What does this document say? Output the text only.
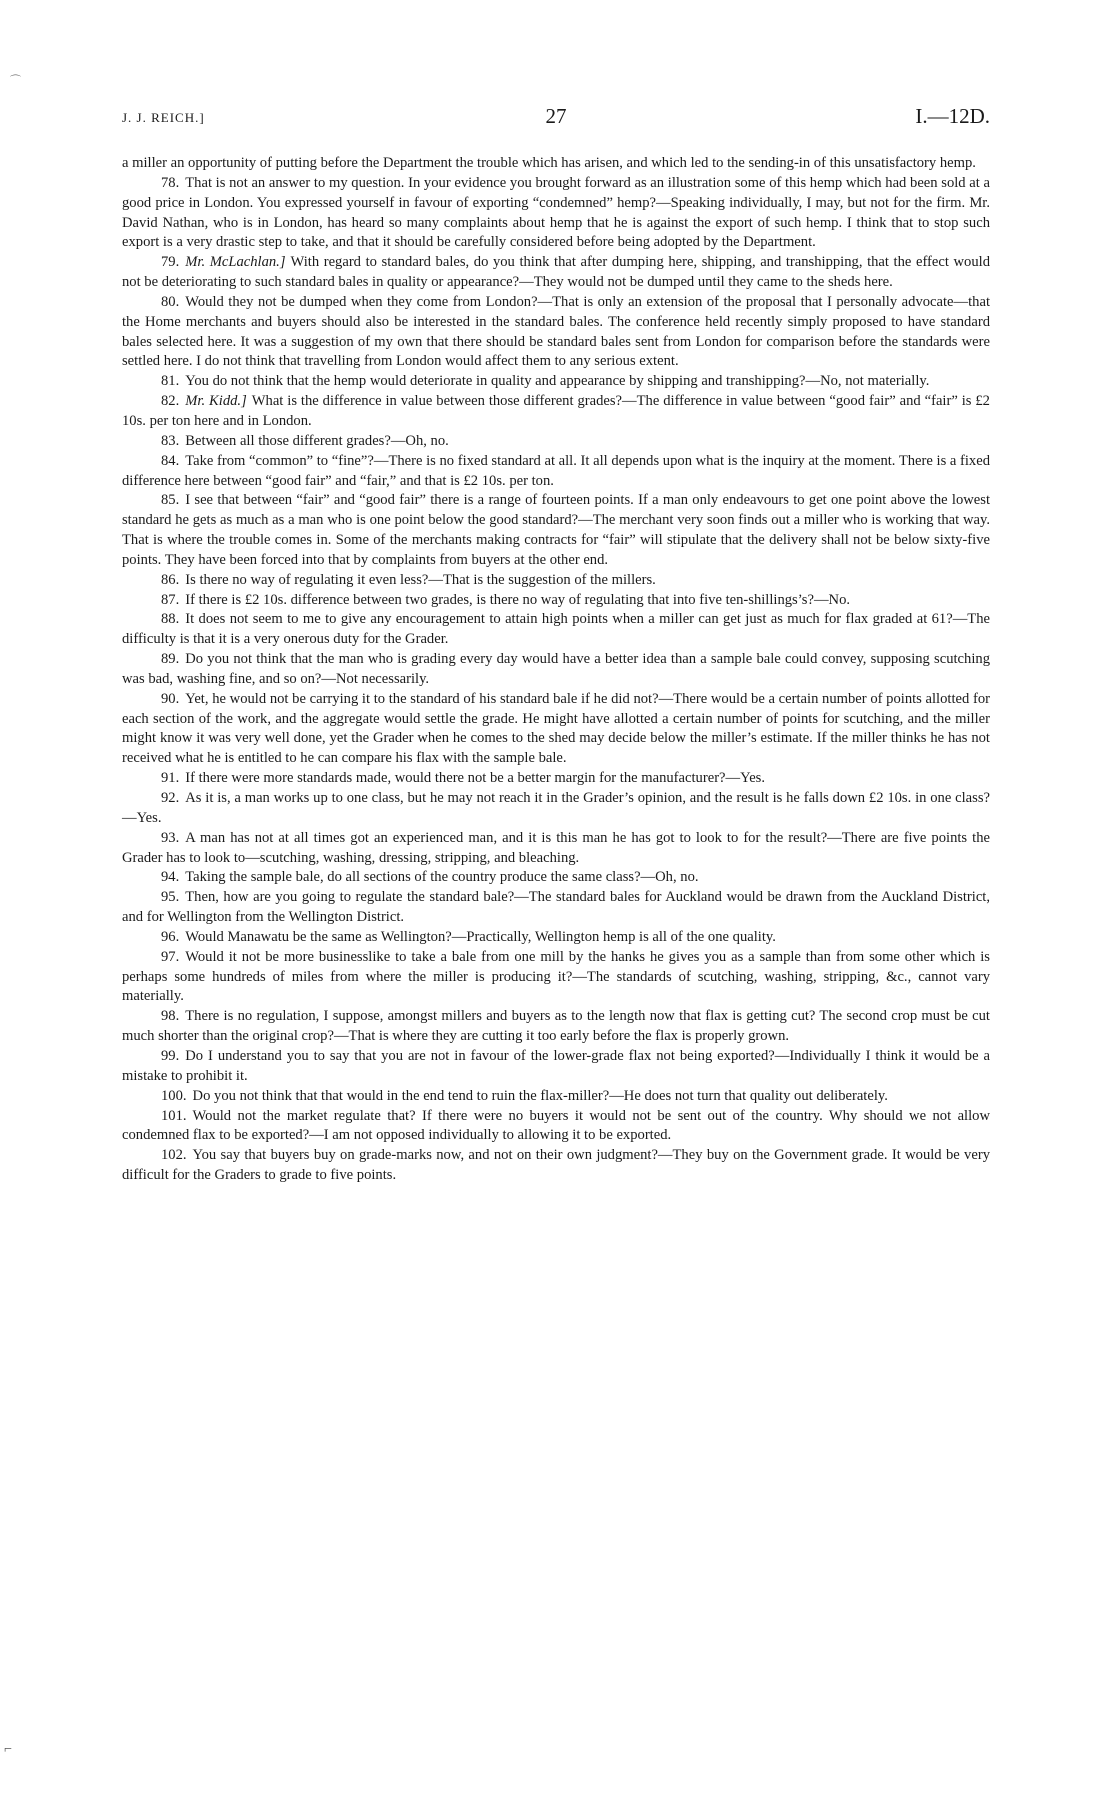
⌒
⌐
J. J. REICH.]	27	I.—12D.

a miller an opportunity of putting before the Department the trouble which has arisen, and which led to the sending-in of this unsatisfactory hemp.

78. That is not an answer to my question. In your evidence you brought forward as an illustration some of this hemp which had been sold at a good price in London. You expressed yourself in favour of exporting “condemned” hemp?—Speaking individually, I may, but not for the firm. Mr. David Nathan, who is in London, has heard so many complaints about hemp that he is against the export of such hemp. I think that to stop such export is a very drastic step to take, and that it should be carefully considered before being adopted by the Department.

79. Mr. McLachlan.] With regard to standard bales, do you think that after dumping here, shipping, and transhipping, that the effect would not be deteriorating to such standard bales in quality or appearance?—They would not be dumped until they came to the sheds here.

80. Would they not be dumped when they come from London?—That is only an extension of the proposal that I personally advocate—that the Home merchants and buyers should also be interested in the standard bales. The conference held recently simply proposed to have standard bales selected here. It was a suggestion of my own that there should be standard bales sent from London for comparison before the standards were settled here. I do not think that travelling from London would affect them to any serious extent.

81. You do not think that the hemp would deteriorate in quality and appearance by shipping and transhipping?—No, not materially.

82. Mr. Kidd.] What is the difference in value between those different grades?—The difference in value between “good fair” and “fair” is £2 10s. per ton here and in London.

83. Between all those different grades?—Oh, no.

84. Take from “common” to “fine”?—There is no fixed standard at all. It all depends upon what is the inquiry at the moment. There is a fixed difference here between “good fair” and “fair,” and that is £2 10s. per ton.

85. I see that between “fair” and “good fair” there is a range of fourteen points. If a man only endeavours to get one point above the lowest standard he gets as much as a man who is one point below the good standard?—The merchant very soon finds out a miller who is working that way. That is where the trouble comes in. Some of the merchants making contracts for “fair” will stipulate that the delivery shall not be below sixty-five points. They have been forced into that by complaints from buyers at the other end.

86. Is there no way of regulating it even less?—That is the suggestion of the millers.

87. If there is £2 10s. difference between two grades, is there no way of regulating that into five ten-shillings’s?—No.

88. It does not seem to me to give any encouragement to attain high points when a miller can get just as much for flax graded at 61?—The difficulty is that it is a very onerous duty for the Grader.

89. Do you not think that the man who is grading every day would have a better idea than a sample bale could convey, supposing scutching was bad, washing fine, and so on?—Not necessarily.

90. Yet, he would not be carrying it to the standard of his standard bale if he did not?—There would be a certain number of points allotted for each section of the work, and the aggregate would settle the grade. He might have allotted a certain number of points for scutching, and the miller might know it was very well done, yet the Grader when he comes to the shed may decide below the miller’s estimate. If the miller thinks he has not received what he is entitled to he can compare his flax with the sample bale.

91. If there were more standards made, would there not be a better margin for the manufacturer?—Yes.

92. As it is, a man works up to one class, but he may not reach it in the Grader’s opinion, and the result is he falls down £2 10s. in one class?—Yes.

93. A man has not at all times got an experienced man, and it is this man he has got to look to for the result?—There are five points the Grader has to look to—scutching, washing, dressing, stripping, and bleaching.

94. Taking the sample bale, do all sections of the country produce the same class?—Oh, no.

95. Then, how are you going to regulate the standard bale?—The standard bales for Auckland would be drawn from the Auckland District, and for Wellington from the Wellington District.

96. Would Manawatu be the same as Wellington?—Practically, Wellington hemp is all of the one quality.

97. Would it not be more businesslike to take a bale from one mill by the hanks he gives you as a sample than from some other which is perhaps some hundreds of miles from where the miller is producing it?—The standards of scutching, washing, stripping, &c., cannot vary materially.

98. There is no regulation, I suppose, amongst millers and buyers as to the length now that flax is getting cut? The second crop must be cut much shorter than the original crop?—That is where they are cutting it too early before the flax is properly grown.

99. Do I understand you to say that you are not in favour of the lower-grade flax not being exported?—Individually I think it would be a mistake to prohibit it.

100. Do you not think that that would in the end tend to ruin the flax-miller?—He does not turn that quality out deliberately.

101. Would not the market regulate that? If there were no buyers it would not be sent out of the country. Why should we not allow condemned flax to be exported?—I am not opposed individually to allowing it to be exported.

102. You say that buyers buy on grade-marks now, and not on their own judgment?—They buy on the Government grade. It would be very difficult for the Graders to grade to five points.
